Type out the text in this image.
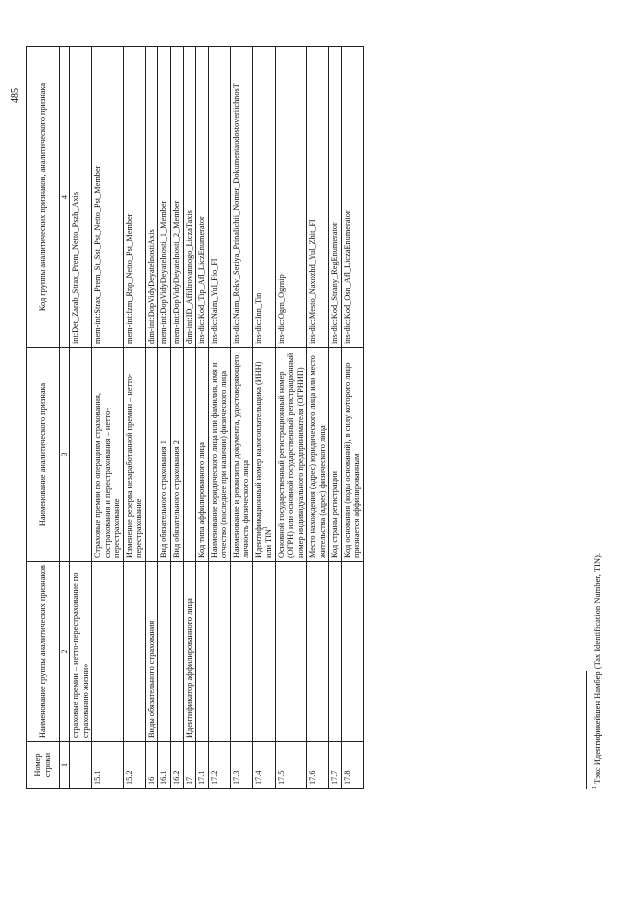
485
Номер строки	Наименование группы аналитических признаков	Наименование аналитического признака	Код группы аналитических признаков, аналитического признака
1	2	3	4
	страховые премии – нетто-перестрахование по страхованию жизни»		int:Det_Zarab_Strax_Prem_Netto_Pszh_Axis
15.1		Страховые премии по операциям страхования, сострахования и перестрахования – нетто-перестрахование	mem-int:Strax_Prem_St_Sst_Pst_Netto_Pst_Member
15.2		Изменение резерва незаработанной премии – нетто-перестрахование	mem-int:Izm_Rnp_Netto_Pst_Member
16	Виды обязательного страхования		dim-int:DopVidyDeyatelnostiAxis
16.1		Вид обязательного страхования 1	mem-int:DopVidyDeyatelnosti_1_Member
16.2		Вид обязательного страхования 2	mem-int:DopVidyDeyatelnosti_2_Member
17	Идентификатор аффилированного лица		dim-int:ID_Affilirovannogo_LiczaTaxis
17.1		Код типа аффилированного лица	ins-dic:Kod_Tip_Afl_LiczEnumerator
17.2		Наименование юридического лица или фамилия, имя и отчество (последнее при наличии) физического лица	ins-dic:Naim_Yul_Fio_Fl
17.3		Наименование и реквизиты документа, удостоверяющего личность физического лица	ins-dic:Naim_Rekv_Seriya_Prinalichii_Nomer_DokumentaudostoveriichnosT
17.4		Идентификационный номер налогоплательщика (ИНН) или TIN$^1$	ins-dic:Inn_Tin
17.5		Основной государственный регистрационный номер (ОГРН) или основной государственный регистрационный номер индивидуального предпринимателя (ОГРНИП)	ins-dic:Ogrn_Ogrnip
17.6		Место нахождения (адрес) юридического лица или место жительства (адрес) физического лица	ins-dic:Mesto_Naxozhd_Yul_Zhit_Fl
17.7		Код страны регистрации	ins-dic:Kod_Strany_RegEnumerator
17.8		Код основания (коды оснований), в силу которого лицо признается аффилированным	ins-dic:Kod_Osn_Afl_LiczaEnumerator
$^1$ Тэкс Идентификейшен Намбер (Tax Identification Number, TIN).
